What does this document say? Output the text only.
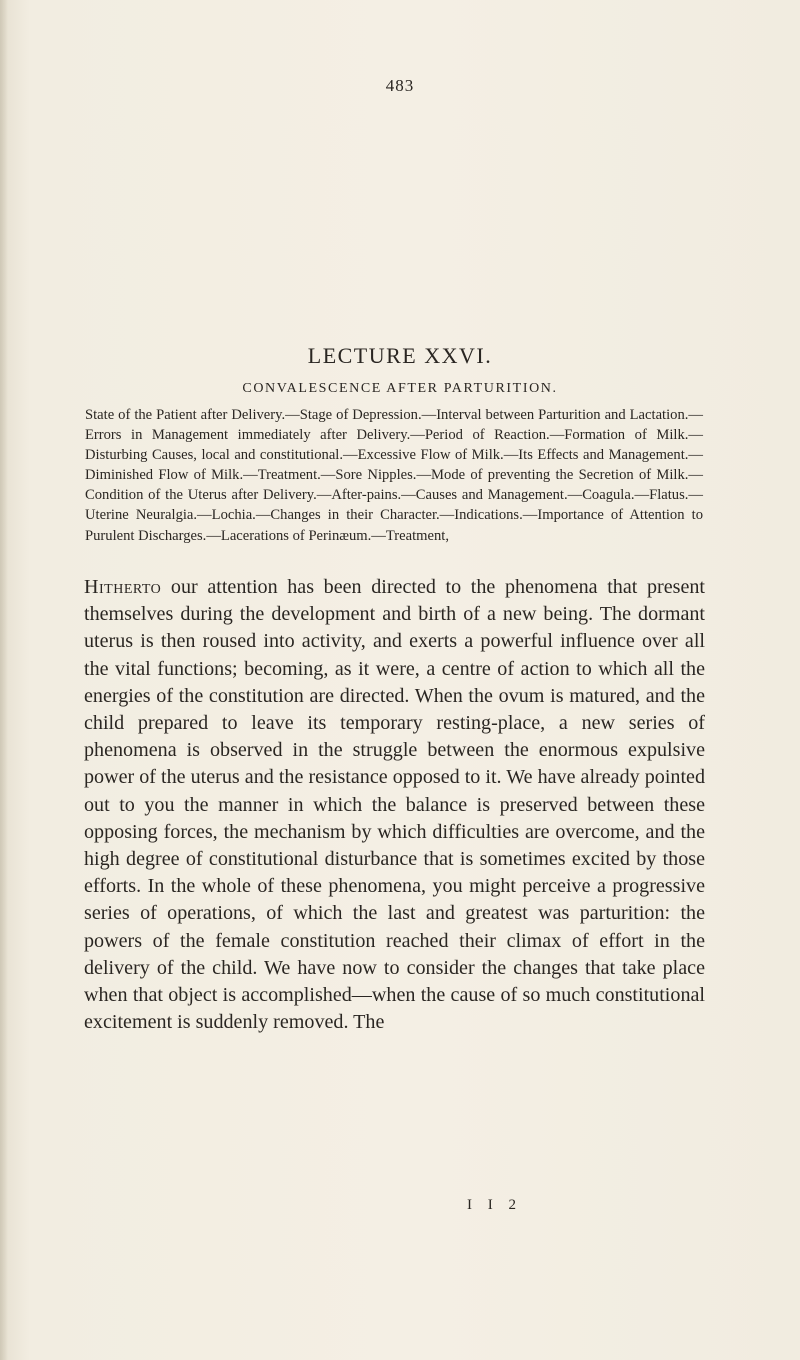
483
LECTURE XXVI.
CONVALESCENCE AFTER PARTURITION.
State of the Patient after Delivery.—Stage of Depression.—Interval between Parturition and Lactation.—Errors in Management immediately after Delivery.—Period of Reaction.—Formation of Milk.—Disturbing Causes, local and constitutional.—Excessive Flow of Milk.—Its Effects and Management.—Diminished Flow of Milk.—Treatment.—Sore Nipples.—Mode of preventing the Secretion of Milk.—Condition of the Uterus after Delivery.—After-pains.—Causes and Management.—Coagula.—Flatus.—Uterine Neuralgia.—Lochia.—Changes in their Character.—Indications.—Importance of Attention to Purulent Discharges.—Lacerations of Perinæum.—Treatment,
Hitherto our attention has been directed to the phenomena that present themselves during the development and birth of a new being. The dormant uterus is then roused into activity, and exerts a powerful influence over all the vital functions; becoming, as it were, a centre of action to which all the energies of the constitution are directed. When the ovum is matured, and the child prepared to leave its temporary resting-place, a new series of phenomena is observed in the struggle between the enormous expulsive power of the uterus and the resistance opposed to it. We have already pointed out to you the manner in which the balance is preserved between these opposing forces, the mechanism by which difficulties are overcome, and the high degree of constitutional disturbance that is sometimes excited by those efforts. In the whole of these phenomena, you might perceive a progressive series of operations, of which the last and greatest was parturition: the powers of the female constitution reached their climax of effort in the delivery of the child. We have now to consider the changes that take place when that object is accomplished—when the cause of so much constitutional excitement is suddenly removed. The
I I 2
